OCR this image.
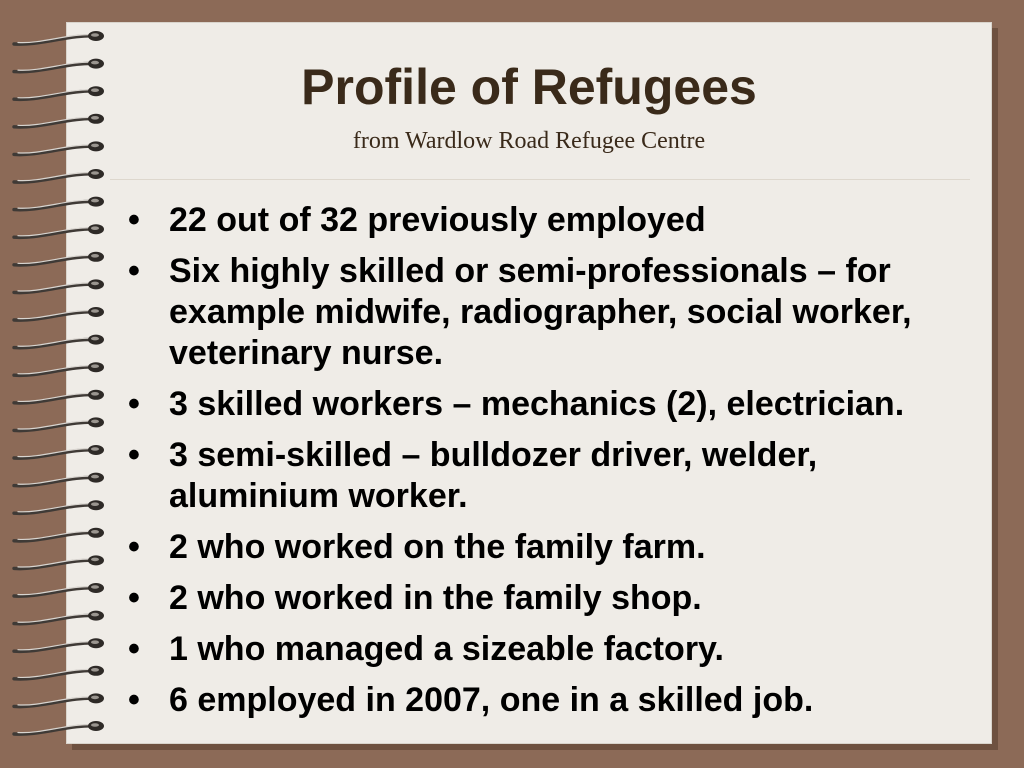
Profile of Refugees
from Wardlow Road Refugee Centre
• 22 out of 32 previously employed
• Six highly skilled or semi-professionals – for example midwife, radiographer, social worker, veterinary nurse.
• 3 skilled workers – mechanics (2), electrician.
• 3 semi-skilled – bulldozer driver, welder, aluminium worker.
• 2 who worked on the family farm.
• 2 who worked in the family shop.
• 1 who managed a sizeable factory.
• 6 employed in 2007, one in a skilled job.
